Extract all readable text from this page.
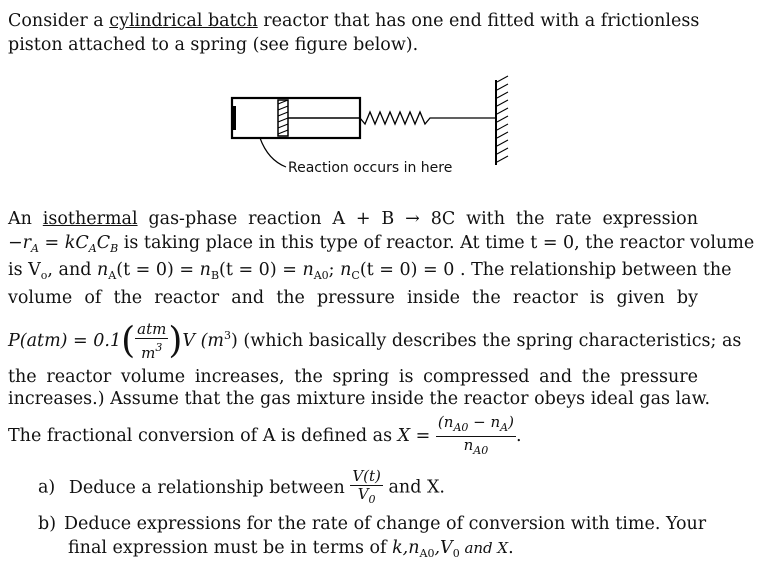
Consider a cylindrical batch reactor that has one end fitted with a frictionless
piston attached to a spring (see figure below).
Reaction occurs in here
An isothermal gas-phase reaction A + B → 8C with the rate expression
$-r_A = kC_AC_B$ is taking place in this type of reactor. At time t = 0, the reactor volume
is $V_o$, and $n_A(t = 0) = n_B(t = 0) = n_{A0}$; $n_C(t = 0) = 0$ . The relationship between the
volume of the reactor and the pressure inside the reactor is given by
$P(atm) = 0.1( \frac{\text{atm}}{m^3} )V$ $(m^3)$ (which basically describes the spring characteristics; as
the reactor volume increases, the spring is compressed and the pressure
increases.) Assume that the gas mixture inside the reactor obeys ideal gas law.
The fractional conversion of A is defined as $X = \frac{(n_{A0} - n_A)}{n_{A0}}$ .
a) Deduce a relationship between $\frac{V(t)}{V_0}$ and X.
b) Deduce expressions for the rate of change of conversion with time. Your
final expression must be in terms of $k,n_{A0},V_0$ and X.
